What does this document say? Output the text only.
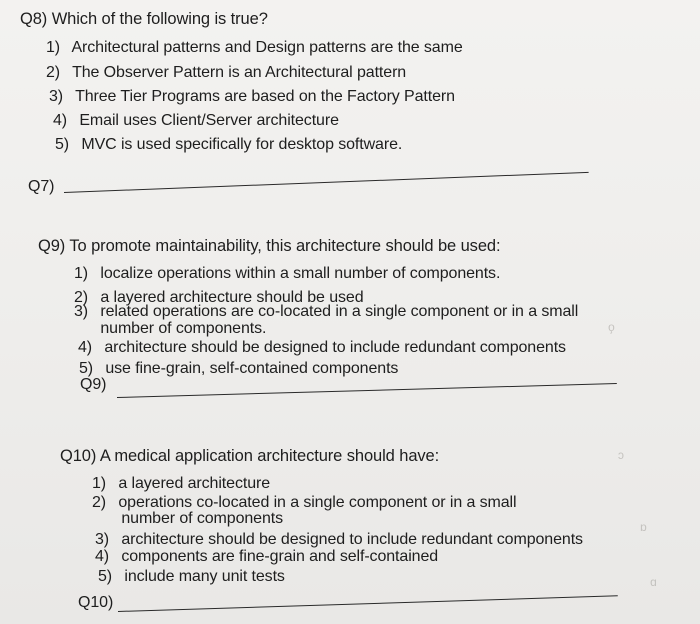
ǫ
ᴄ
ɑ
ɒ
Q8) Which of the following is true?
1) Architectural patterns and Design patterns are the same
2) The Observer Pattern is an Architectural pattern
3) Three Tier Programs are based on the Factory Pattern
4) Email uses Client/Server architecture
5) MVC is used specifically for desktop software.
Q7)
Q9) To promote maintainability, this architecture should be used:
1) localize operations within a small number of components.
2) a layered architecture should be used
3) related operations are co-located in a single component or in a small
number of components.
4) architecture should be designed to include redundant components
5) use fine-grain, self-contained components
Q9)
Q10) A medical application architecture should have:
1) a layered architecture
2) operations co-located in a single component or in a small
number of components
3) architecture should be designed to include redundant components
4) components are fine-grain and self-contained
5) include many unit tests
Q10)
